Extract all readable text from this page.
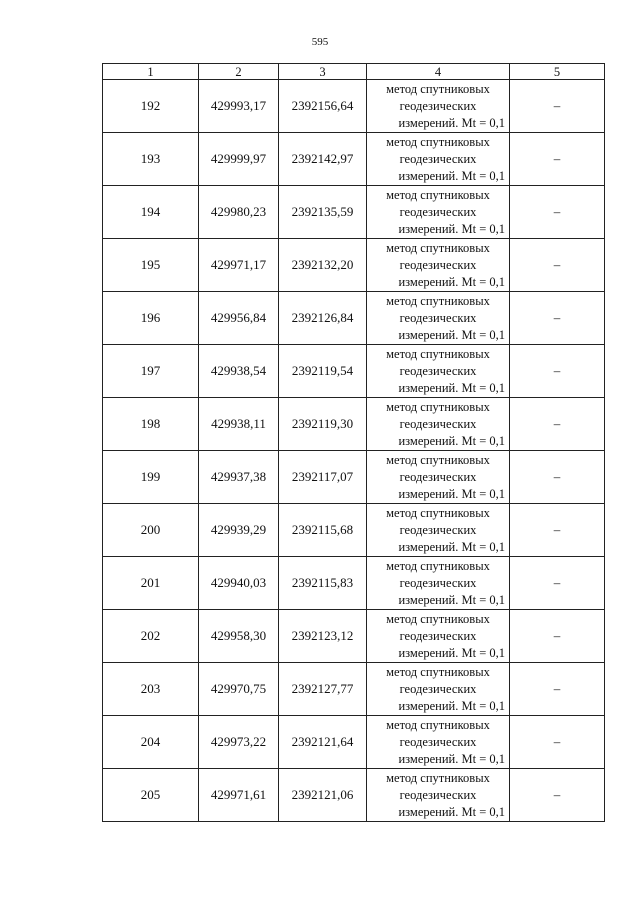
595
1	2	3	4	5
192	429993,17	2392156,64	метод спутниковых
геодезических
измерений. Mt = 0,1	–
193	429999,97	2392142,97	метод спутниковых
геодезических
измерений. Mt = 0,1	–
194	429980,23	2392135,59	метод спутниковых
геодезических
измерений. Mt = 0,1	–
195	429971,17	2392132,20	метод спутниковых
геодезических
измерений. Mt = 0,1	–
196	429956,84	2392126,84	метод спутниковых
геодезических
измерений. Mt = 0,1	–
197	429938,54	2392119,54	метод спутниковых
геодезических
измерений. Mt = 0,1	–
198	429938,11	2392119,30	метод спутниковых
геодезических
измерений. Mt = 0,1	–
199	429937,38	2392117,07	метод спутниковых
геодезических
измерений. Mt = 0,1	–
200	429939,29	2392115,68	метод спутниковых
геодезических
измерений. Mt = 0,1	–
201	429940,03	2392115,83	метод спутниковых
геодезических
измерений. Mt = 0,1	–
202	429958,30	2392123,12	метод спутниковых
геодезических
измерений. Mt = 0,1	–
203	429970,75	2392127,77	метод спутниковых
геодезических
измерений. Mt = 0,1	–
204	429973,22	2392121,64	метод спутниковых
геодезических
измерений. Mt = 0,1	–
205	429971,61	2392121,06	метод спутниковых
геодезических
измерений. Mt = 0,1	–
